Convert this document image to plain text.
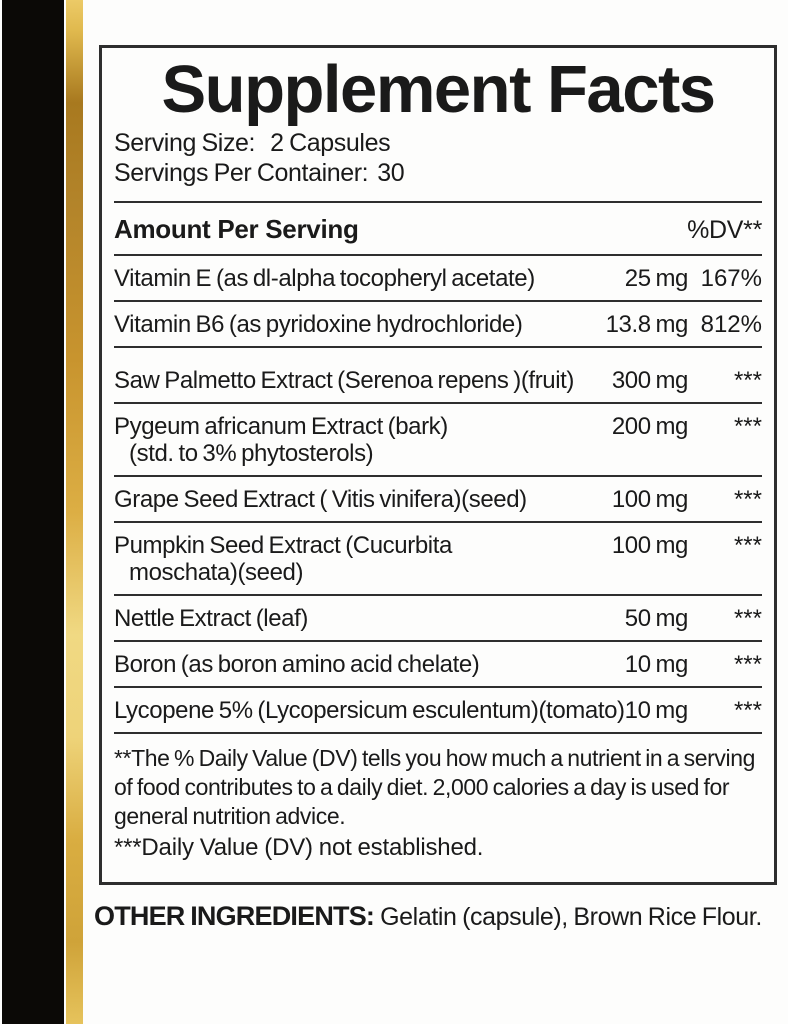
Supplement Facts
Serving Size: 2 Capsules
Servings Per Container: 30
Amount Per Serving	%DV**
Vitamin E (as dl-alpha tocopheryl acetate)	25 mg 167%
Vitamin B6 (as pyridoxine hydrochloride)	13.8 mg 812%
Saw Palmetto Extract (Serenoa repens )(fruit)	300 mg	***
Pygeum africanum Extract (bark)
(std. to 3% phytosterols)
200 mg	***
Grape Seed Extract ( Vitis vinifera)(seed)	100 mg	***
Pumpkin Seed Extract (Cucurbita
moschata)(seed)
100 mg	***
Nettle Extract (leaf)	50 mg	***
Boron (as boron amino acid chelate)	10 mg	***
Lycopene 5% (Lycopersicum esculentum)(tomato) 10 mg	***
**The % Daily Value (DV) tells you how much a nutrient in a serving
of food contributes to a daily diet. 2,000 calories a day is used for
general nutrition advice.
***Daily Value (DV) not established.
OTHER INGREDIENTS: Gelatin (capsule), Brown Rice Flour.
